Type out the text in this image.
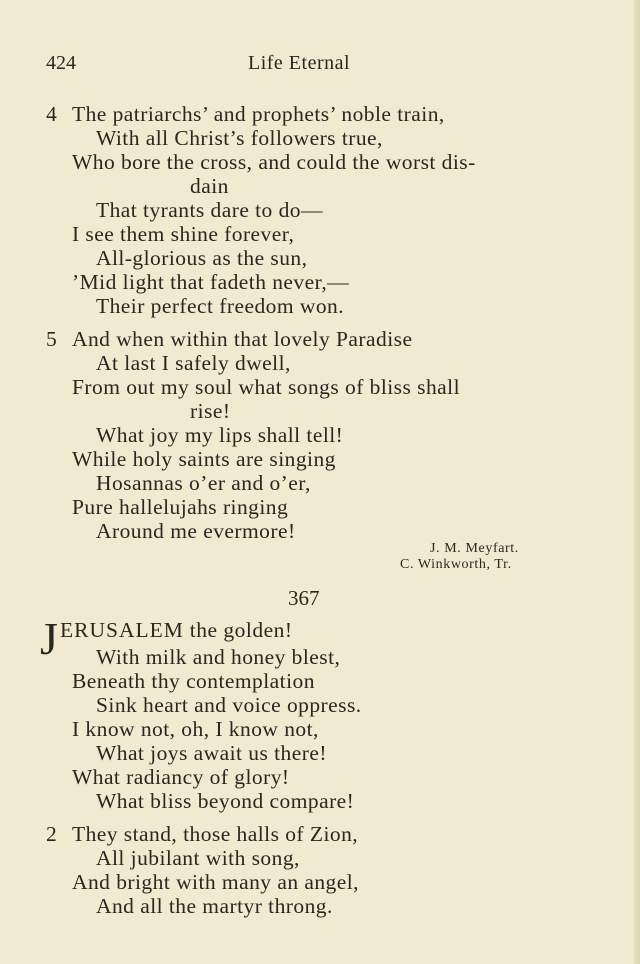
424	Life Eternal
4 The patriarchs’ and prophets’ noble train,
With all Christ’s followers true,
Who bore the cross, and could the worst dis-
dain
That tyrants dare to do—
I see them shine forever,
All-glorious as the sun,
’Mid light that fadeth never,—
Their perfect freedom won.
5 And when within that lovely Paradise
At last I safely dwell,
From out my soul what songs of bliss shall
rise!
What joy my lips shall tell!
While holy saints are singing
Hosannas o’er and o’er,
Pure hallelujahs ringing
Around me evermore!
J. M. Meyfart.
C. Winkworth, Tr.
367
J ERUSALEM the golden!
With milk and honey blest,
Beneath thy contemplation
Sink heart and voice oppress.
I know not, oh, I know not,
What joys await us there!
What radiancy of glory!
What bliss beyond compare!
2 They stand, those halls of Zion,
All jubilant with song,
And bright with many an angel,
And all the martyr throng.
